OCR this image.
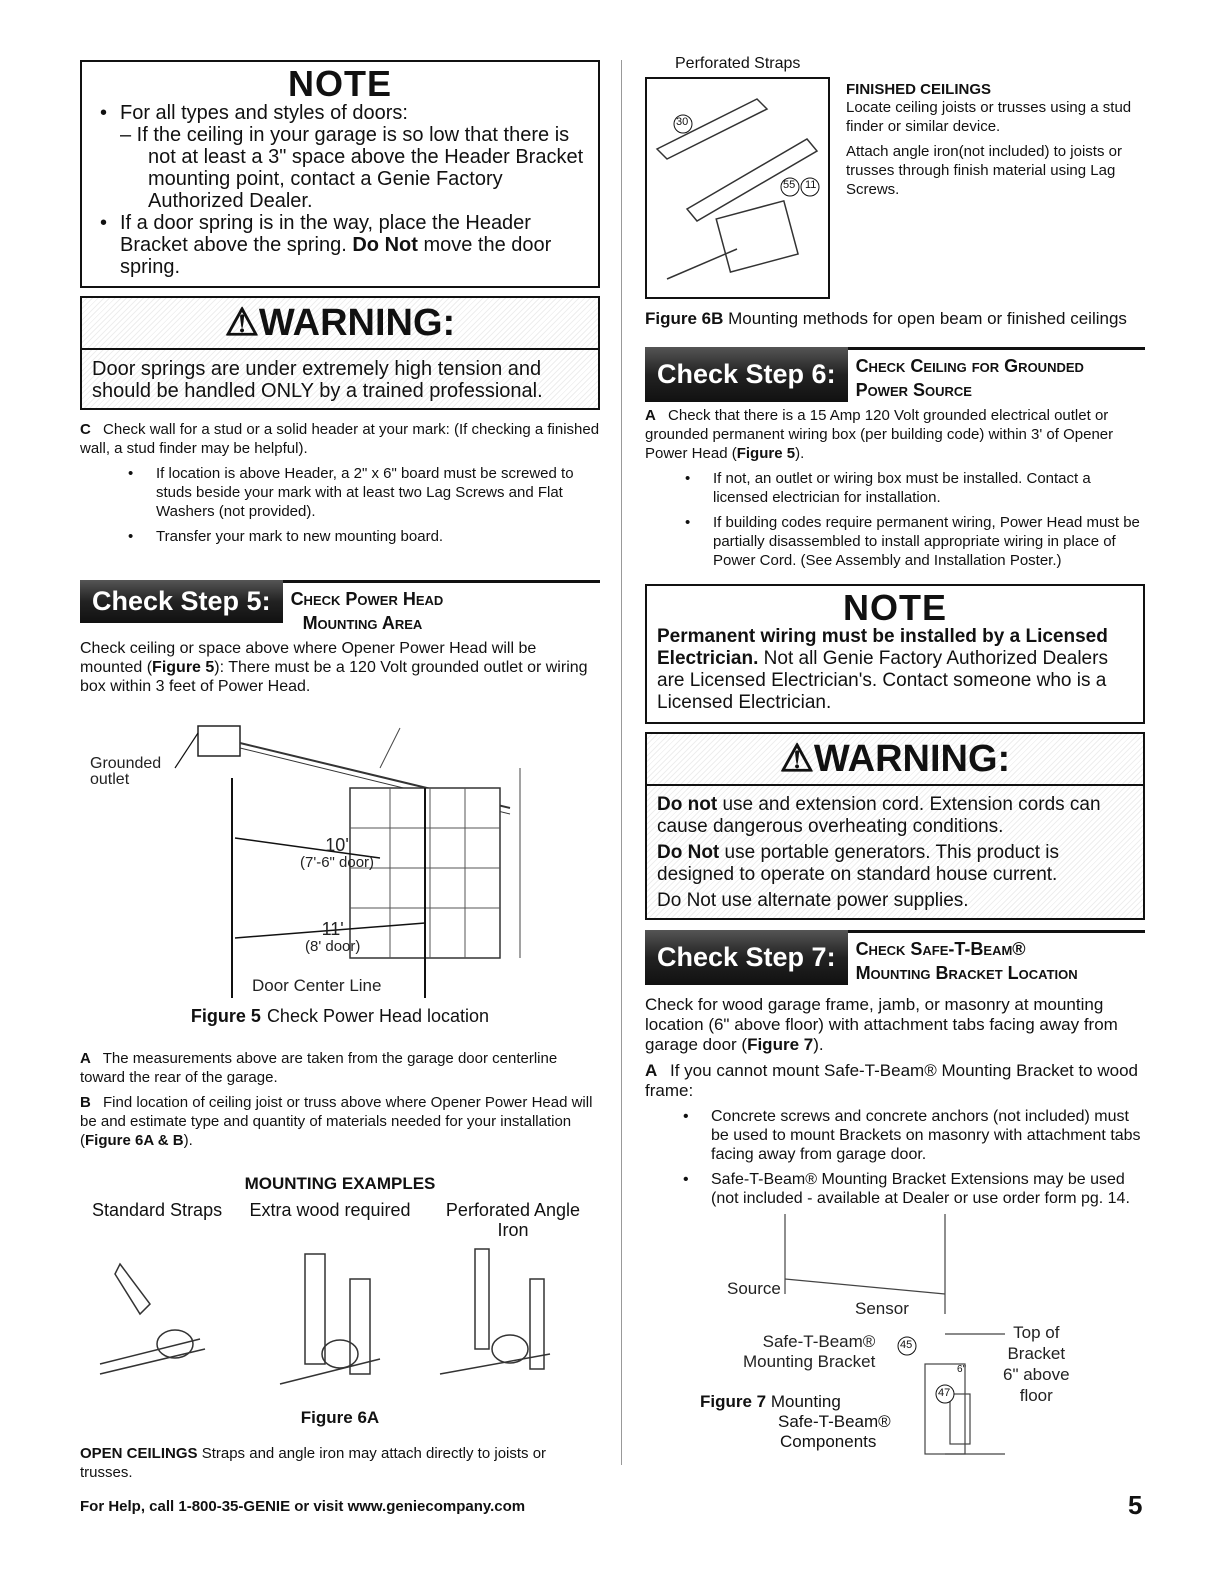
NOTE
• For all types and styles of doors:
– If the ceiling in your garage is so low that there is
not at least a 3" space above the Header Bracket
mounting point, contact a Genie Factory
Authorized Dealer.
• If a door spring is in the way, place the Header Bracket above the spring. Do Not move the door spring.
⚠WARNING:
Door springs are under extremely high tension and should be handled ONLY by a trained professional.

C Check wall for a stud or a solid header at your mark: (If checking a finished wall, a stud finder may be helpful).

• If location is above Header, a 2" x 6" board must be screwed to studs beside your mark with at least two Lag Screws and Flat Washers (not provided).
• Transfer your mark to new mounting board.
Check Step 5:	Check Power Head
Mounting Area

Check ceiling or space above where Opener Power Head will be mounted (Figure 5): There must be a 120 Volt grounded outlet or wiring box within 3 feet of Power Head.

Grounded
outlet
10'
(7'-6" door)
11'
(8' door)
Door Center Line
Figure 5 Check Power Head location

A The measurements above are taken from the garage door centerline toward the rear of the garage.

B Find location of ceiling joist or truss above where Opener Power Head will be and estimate type and quantity of materials needed for your installation (Figure 6A & B).

MOUNTING EXAMPLES
Standard Straps Extra wood required	Perforated Angle Iron
Figure 6A

OPEN CEILINGS Straps and angle iron may attach directly to joists or trusses.

Perforated Straps
30
55 11
FINISHED CEILINGS

Locate ceiling joists or trusses using a stud finder or similar device.

Attach angle iron(not included) to joists or trusses through finish material using Lag Screws.

Figure 6B Mounting methods for open beam or finished ceilings
Check Step 6:	Check Ceiling for Grounded
Power Source

A Check that there is a 15 Amp 120 Volt grounded electrical outlet or grounded permanent wiring box (per building code) within 3' of Opener Power Head (Figure 5).

• If not, an outlet or wiring box must be installed. Contact a licensed electrician for installation.
• If building codes require permanent wiring, Power Head must be partially disassembled to install appropriate wiring in place of Power Cord. (See Assembly and Installation Poster.)
NOTE

Permanent wiring must be installed by a Licensed Electrician. Not all Genie Factory Authorized Dealers are Licensed Electrician's. Contact someone who is a Licensed Electrician.

⚠WARNING:

Do not use and extension cord. Extension cords can cause dangerous overheating conditions.

Do Not use portable generators. This product is designed to operate on standard house current.

Do Not use alternate power supplies.

Check Step 7:	Check Safe-T-Beam®
Mounting Bracket Location

Check for wood garage frame, jamb, or masonry at mounting location (6" above floor) with attachment tabs facing away from garage door (Figure 7).

A If you cannot mount Safe-T-Beam® Mounting Bracket to wood frame:

• Concrete screws and concrete anchors (not included) must be used to mount Brackets on masonry with attachment tabs facing away from garage door.
• Safe-T-Beam® Mounting Bracket Extensions may be used (not included - available at Dealer or use order form pg. 14.
45
47
6"
Source
Sensor
Safe-T-Beam®
Mounting Bracket
Top of
Bracket
6" above
floor
Figure 7 Mounting
Safe-T-Beam®
Components
For Help, call 1-800-35-GENIE or visit www.geniecompany.com	5
